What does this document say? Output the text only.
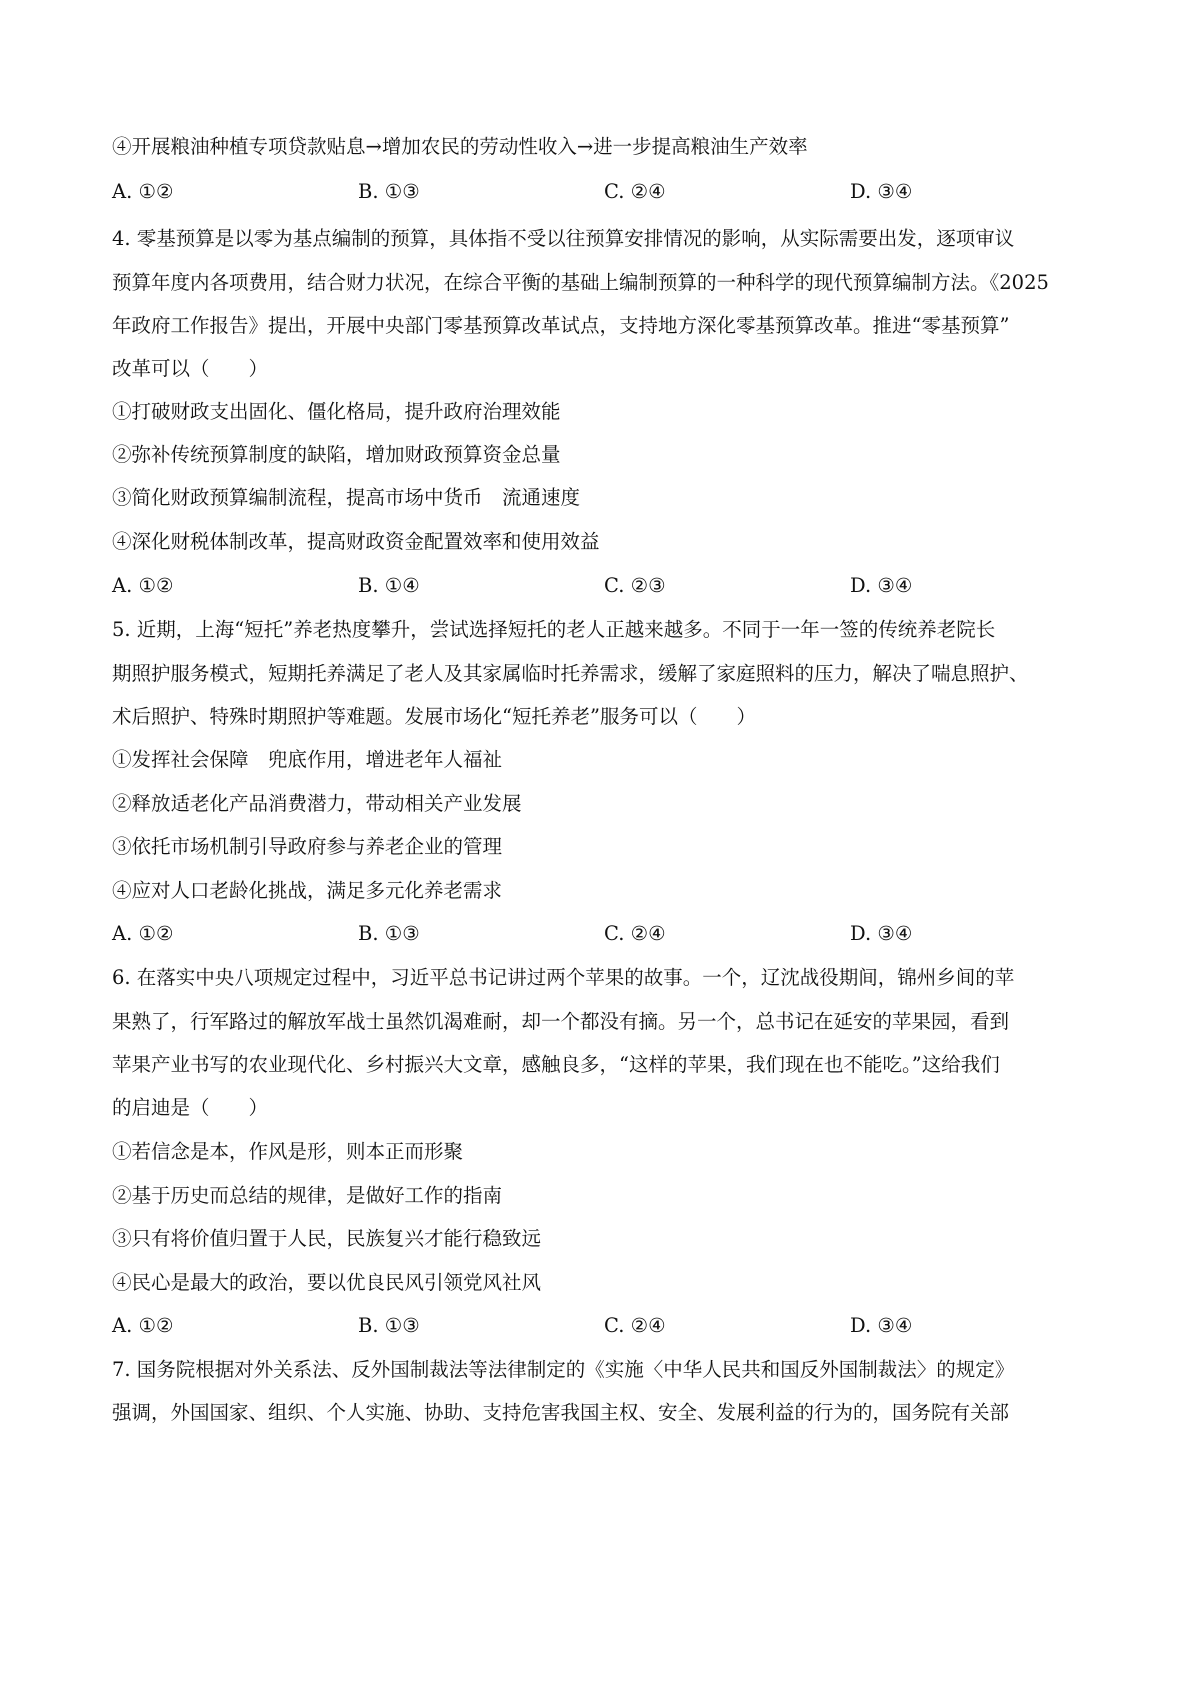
④开展粮油种植专项贷款贴息→增加农民的劳动性收入→进一步提高粮油生产效率
A. ①②	B. ①③	C. ②④	D. ③④
4. 零基预算是以零为基点编制的预算，具体指不受以往预算安排情况的影响，从实际需要出发，逐项审议
预算年度内各项费用，结合财力状况，在综合平衡的基础上编制预算的一种科学的现代预算编制方法。《2025
年政府工作报告》提出，开展中央部门零基预算改革试点，支持地方深化零基预算改革。推进“零基预算”
改革可以（　　）
①打破财政支出固化、僵化格局，提升政府治理效能
②弥补传统预算制度的缺陷，增加财政预算资金总量
③简化财政预算编制流程，提高市场中货币　流通速度
④深化财税体制改革，提高财政资金配置效率和使用效益
A. ①②	B. ①④	C. ②③	D. ③④
5. 近期，上海“短托”养老热度攀升，尝试选择短托的老人正越来越多。不同于一年一签的传统养老院长
期照护服务模式，短期托养满足了老人及其家属临时托养需求，缓解了家庭照料的压力，解决了喘息照护、
术后照护、特殊时期照护等难题。发展市场化“短托养老”服务可以（　　）
①发挥社会保障　兜底作用，增进老年人福祉
②释放适老化产品消费潜力，带动相关产业发展
③依托市场机制引导政府参与养老企业的管理
④应对人口老龄化挑战，满足多元化养老需求
A. ①②	B. ①③	C. ②④	D. ③④
6. 在落实中央八项规定过程中，习近平总书记讲过两个苹果的故事。一个，辽沈战役期间，锦州乡间的苹
果熟了，行军路过的解放军战士虽然饥渴难耐，却一个都没有摘。另一个，总书记在延安的苹果园，看到
苹果产业书写的农业现代化、乡村振兴大文章，感触良多，“这样的苹果，我们现在也不能吃。”这给我们
的启迪是（　　）
①若信念是本，作风是形，则本正而形聚
②基于历史而总结的规律，是做好工作的指南
③只有将价值归置于人民，民族复兴才能行稳致远
④民心是最大的政治，要以优良民风引领党风社风
A. ①②	B. ①③	C. ②④	D. ③④
7. 国务院根据对外关系法、反外国制裁法等法律制定的《实施〈中华人民共和国反外国制裁法〉的规定》
强调，外国国家、组织、个人实施、协助、支持危害我国主权、安全、发展利益的行为的，国务院有关部
